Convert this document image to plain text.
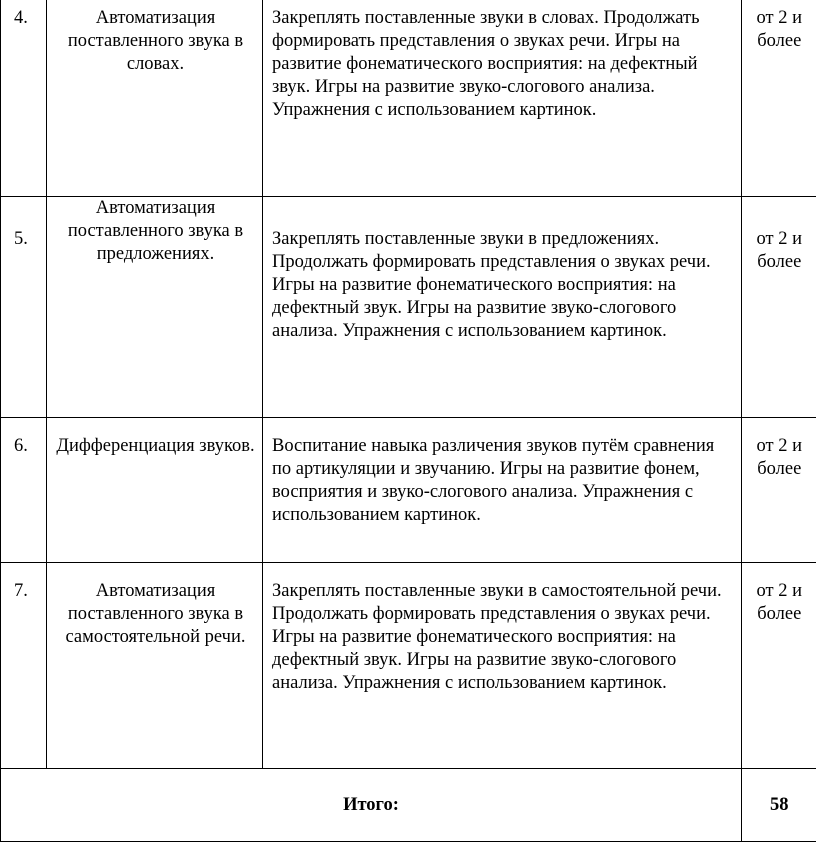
4.	Автоматизация поставленного звука в словах.	Закреплять поставленные звуки в словах. Продолжать формировать представления о звуках речи. Игры на развитие фонематического восприятия: на дефектный звук. Игры на развитие звуко-слогового анализа. Упражнения с использованием картинок.	от 2 и более
5.	Автоматизация поставленного звука в предложениях.	Закреплять поставленные звуки в предложениях. Продолжать формировать представления о звуках речи. Игры на развитие фонематического восприятия: на дефектный звук. Игры на развитие звуко-слогового анализа. Упражнения с использованием картинок.	от 2 и более
6.	Дифференциация звуков.	Воспитание навыка различения звуков путём сравнения по артикуляции и звучанию. Игры на развитие фонем, восприятия и звуко-слогового анализа. Упражнения с использованием картинок.	от 2 и более
7.	Автоматизация поставленного звука в самостоятельной речи.	Закреплять поставленные звуки в самостоятельной речи. Продолжать формировать представления о звуках речи. Игры на развитие фонематического восприятия: на дефектный звук. Игры на развитие звуко-слогового анализа. Упражнения с использованием картинок.	от 2 и более
Итого:			58
